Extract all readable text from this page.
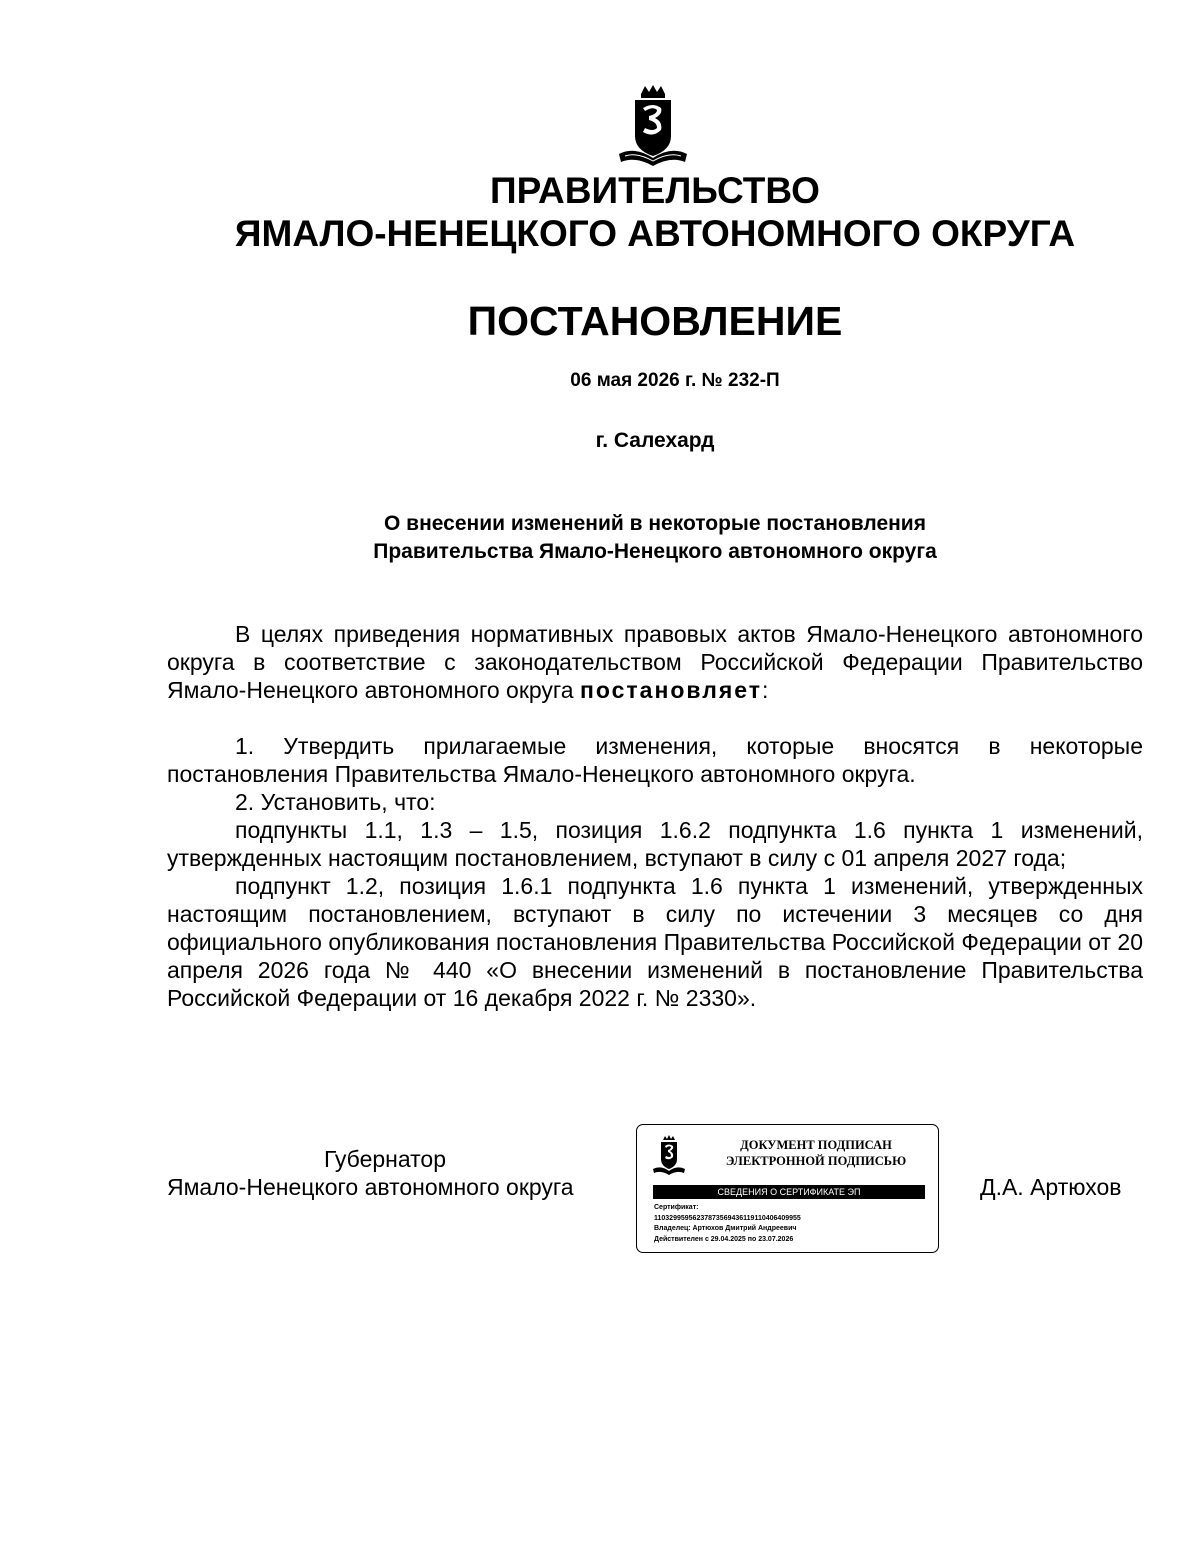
ПРАВИТЕЛЬСТВО
ЯМАЛО-НЕНЕЦКОГО АВТОНОМНОГО ОКРУГА
ПОСТАНОВЛЕНИЕ
06 мая 2026 г. № 232-П
г. Салехард
О внесении изменений в некоторые постановления
Правительства Ямало-Ненецкого автономного округа

В целях приведения нормативных правовых актов Ямало-Ненецкого автономного округа в соответствие с законодательством Российской Федерации Правительство Ямало-Ненецкого автономного округа постановляет:

1. Утвердить прилагаемые изменения, которые вносятся в некоторые постановления Правительства Ямало-Ненецкого автономного округа.

2. Установить, что:

подпункты 1.1, 1.3 – 1.5, позиция 1.6.2 подпункта 1.6 пункта 1 изменений, утвержденных настоящим постановлением, вступают в силу с 01 апреля 2027 года;

подпункт 1.2, позиция 1.6.1 подпункта 1.6 пункта 1 изменений, утвержденных настоящим постановлением, вступают в силу по истечении 3 месяцев со дня официального опубликования постановления Правительства Российской Федерации от 20 апреля 2026 года № 440 «О внесении изменений в постановление Правительства Российской Федерации от 16 декабря 2022 г. № 2330».

Губернатор
Ямало-Ненецкого автономного округа
ДОКУМЕНТ ПОДПИСАН
ЭЛЕКТРОННОЙ ПОДПИСЬЮ
СВЕДЕНИЯ О СЕРТИФИКАТЕ ЭП
Сертификат:
110329959562378735694361191104064099​55
Владелец: Артюхов Дмитрий Андреевич
Действителен с 29.04.2025 по 23.07.2026
Д.А. Артюхов
